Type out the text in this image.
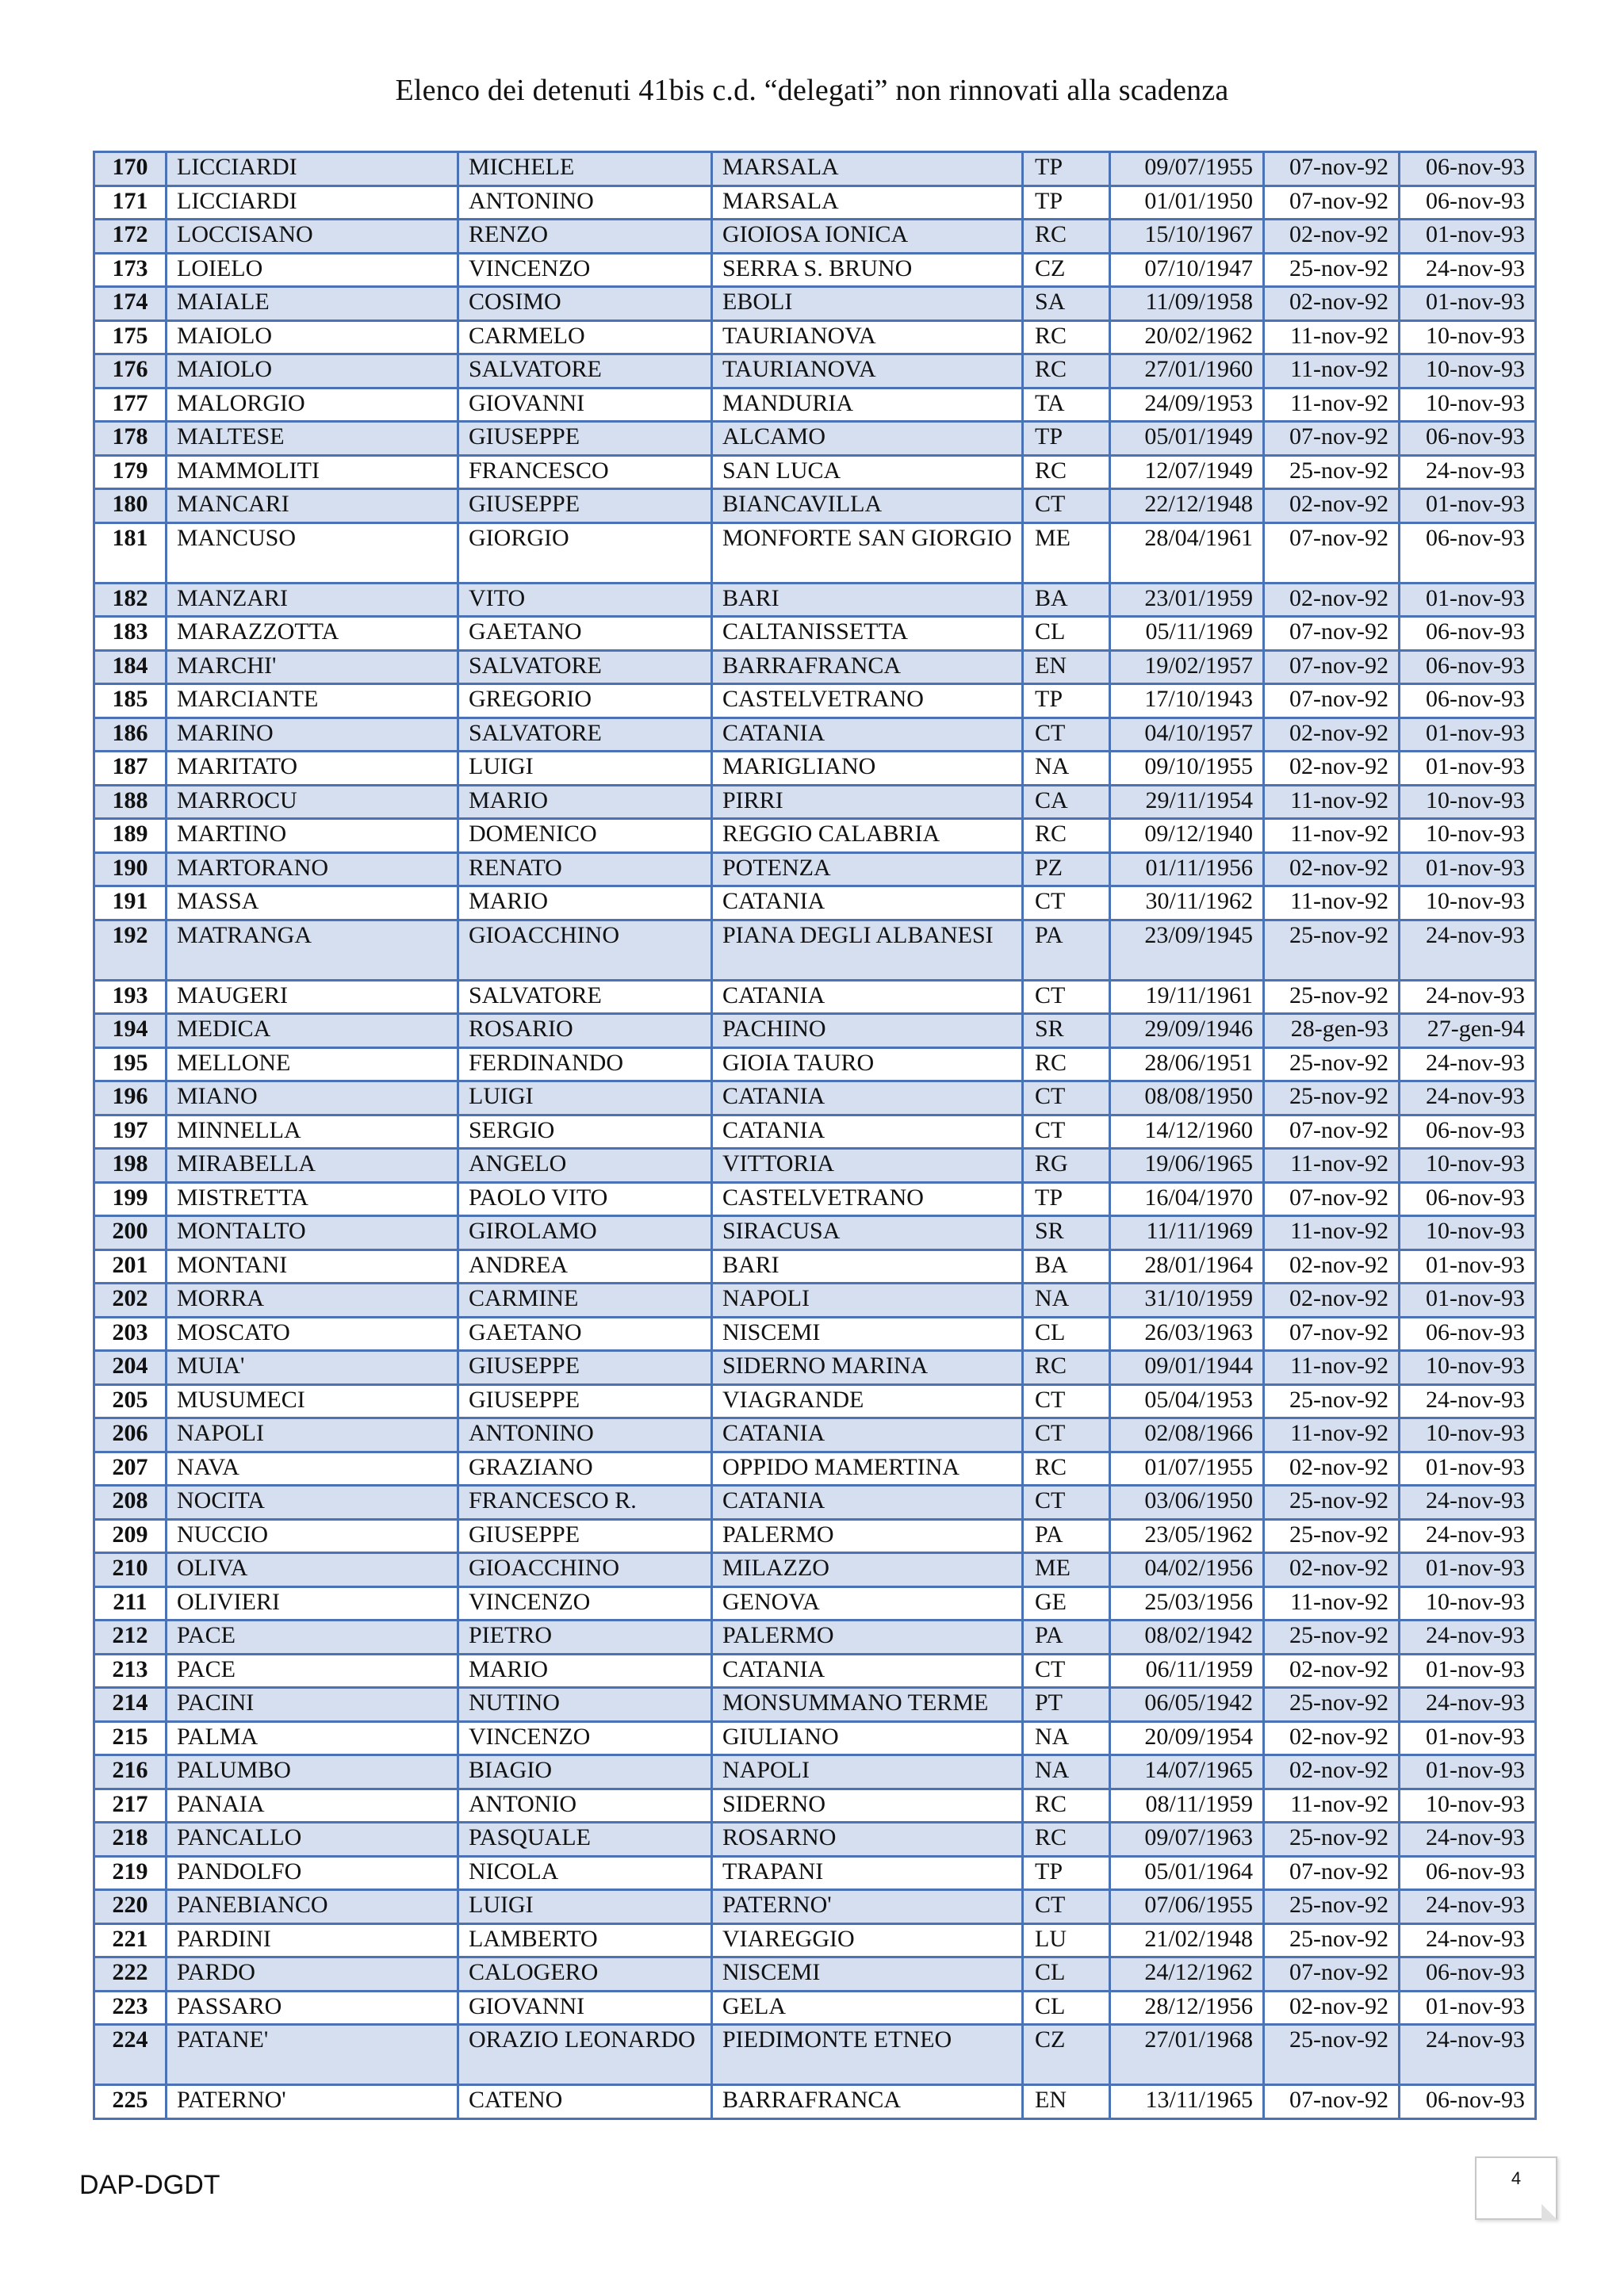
Elenco dei detenuti 41bis c.d. “delegati” non rinnovati alla scadenza
170	LICCIARDI	MICHELE	MARSALA	TP	09/07/1955	07-nov-92	06-nov-93
171	LICCIARDI	ANTONINO	MARSALA	TP	01/01/1950	07-nov-92	06-nov-93
172	LOCCISANO	RENZO	GIOIOSA IONICA	RC	15/10/1967	02-nov-92	01-nov-93
173	LOIELO	VINCENZO	SERRA S. BRUNO	CZ	07/10/1947	25-nov-92	24-nov-93
174	MAIALE	COSIMO	EBOLI	SA	11/09/1958	02-nov-92	01-nov-93
175	MAIOLO	CARMELO	TAURIANOVA	RC	20/02/1962	11-nov-92	10-nov-93
176	MAIOLO	SALVATORE	TAURIANOVA	RC	27/01/1960	11-nov-92	10-nov-93
177	MALORGIO	GIOVANNI	MANDURIA	TA	24/09/1953	11-nov-92	10-nov-93
178	MALTESE	GIUSEPPE	ALCAMO	TP	05/01/1949	07-nov-92	06-nov-93
179	MAMMOLITI	FRANCESCO	SAN LUCA	RC	12/07/1949	25-nov-92	24-nov-93
180	MANCARI	GIUSEPPE	BIANCAVILLA	CT	22/12/1948	02-nov-92	01-nov-93
181	MANCUSO	GIORGIO	MONFORTE SAN GIORGIO	ME	28/04/1961	07-nov-92	06-nov-93
182	MANZARI	VITO	BARI	BA	23/01/1959	02-nov-92	01-nov-93
183	MARAZZOTTA	GAETANO	CALTANISSETTA	CL	05/11/1969	07-nov-92	06-nov-93
184	MARCHI'	SALVATORE	BARRAFRANCA	EN	19/02/1957	07-nov-92	06-nov-93
185	MARCIANTE	GREGORIO	CASTELVETRANO	TP	17/10/1943	07-nov-92	06-nov-93
186	MARINO	SALVATORE	CATANIA	CT	04/10/1957	02-nov-92	01-nov-93
187	MARITATO	LUIGI	MARIGLIANO	NA	09/10/1955	02-nov-92	01-nov-93
188	MARROCU	MARIO	PIRRI	CA	29/11/1954	11-nov-92	10-nov-93
189	MARTINO	DOMENICO	REGGIO CALABRIA	RC	09/12/1940	11-nov-92	10-nov-93
190	MARTORANO	RENATO	POTENZA	PZ	01/11/1956	02-nov-92	01-nov-93
191	MASSA	MARIO	CATANIA	CT	30/11/1962	11-nov-92	10-nov-93
192	MATRANGA	GIOACCHINO	PIANA DEGLI ALBANESI	PA	23/09/1945	25-nov-92	24-nov-93
193	MAUGERI	SALVATORE	CATANIA	CT	19/11/1961	25-nov-92	24-nov-93
194	MEDICA	ROSARIO	PACHINO	SR	29/09/1946	28-gen-93	27-gen-94
195	MELLONE	FERDINANDO	GIOIA TAURO	RC	28/06/1951	25-nov-92	24-nov-93
196	MIANO	LUIGI	CATANIA	CT	08/08/1950	25-nov-92	24-nov-93
197	MINNELLA	SERGIO	CATANIA	CT	14/12/1960	07-nov-92	06-nov-93
198	MIRABELLA	ANGELO	VITTORIA	RG	19/06/1965	11-nov-92	10-nov-93
199	MISTRETTA	PAOLO VITO	CASTELVETRANO	TP	16/04/1970	07-nov-92	06-nov-93
200	MONTALTO	GIROLAMO	SIRACUSA	SR	11/11/1969	11-nov-92	10-nov-93
201	MONTANI	ANDREA	BARI	BA	28/01/1964	02-nov-92	01-nov-93
202	MORRA	CARMINE	NAPOLI	NA	31/10/1959	02-nov-92	01-nov-93
203	MOSCATO	GAETANO	NISCEMI	CL	26/03/1963	07-nov-92	06-nov-93
204	MUIA'	GIUSEPPE	SIDERNO MARINA	RC	09/01/1944	11-nov-92	10-nov-93
205	MUSUMECI	GIUSEPPE	VIAGRANDE	CT	05/04/1953	25-nov-92	24-nov-93
206	NAPOLI	ANTONINO	CATANIA	CT	02/08/1966	11-nov-92	10-nov-93
207	NAVA	GRAZIANO	OPPIDO MAMERTINA	RC	01/07/1955	02-nov-92	01-nov-93
208	NOCITA	FRANCESCO R.	CATANIA	CT	03/06/1950	25-nov-92	24-nov-93
209	NUCCIO	GIUSEPPE	PALERMO	PA	23/05/1962	25-nov-92	24-nov-93
210	OLIVA	GIOACCHINO	MILAZZO	ME	04/02/1956	02-nov-92	01-nov-93
211	OLIVIERI	VINCENZO	GENOVA	GE	25/03/1956	11-nov-92	10-nov-93
212	PACE	PIETRO	PALERMO	PA	08/02/1942	25-nov-92	24-nov-93
213	PACE	MARIO	CATANIA	CT	06/11/1959	02-nov-92	01-nov-93
214	PACINI	NUTINO	MONSUMMANO TERME	PT	06/05/1942	25-nov-92	24-nov-93
215	PALMA	VINCENZO	GIULIANO	NA	20/09/1954	02-nov-92	01-nov-93
216	PALUMBO	BIAGIO	NAPOLI	NA	14/07/1965	02-nov-92	01-nov-93
217	PANAIA	ANTONIO	SIDERNO	RC	08/11/1959	11-nov-92	10-nov-93
218	PANCALLO	PASQUALE	ROSARNO	RC	09/07/1963	25-nov-92	24-nov-93
219	PANDOLFO	NICOLA	TRAPANI	TP	05/01/1964	07-nov-92	06-nov-93
220	PANEBIANCO	LUIGI	PATERNO'	CT	07/06/1955	25-nov-92	24-nov-93
221	PARDINI	LAMBERTO	VIAREGGIO	LU	21/02/1948	25-nov-92	24-nov-93
222	PARDO	CALOGERO	NISCEMI	CL	24/12/1962	07-nov-92	06-nov-93
223	PASSARO	GIOVANNI	GELA	CL	28/12/1956	02-nov-92	01-nov-93
224	PATANE'	ORAZIO LEONARDO	PIEDIMONTE ETNEO	CZ	27/01/1968	25-nov-92	24-nov-93
225	PATERNO'	CATENO	BARRAFRANCA	EN	13/11/1965	07-nov-92	06-nov-93
DAP-DGDT	4
